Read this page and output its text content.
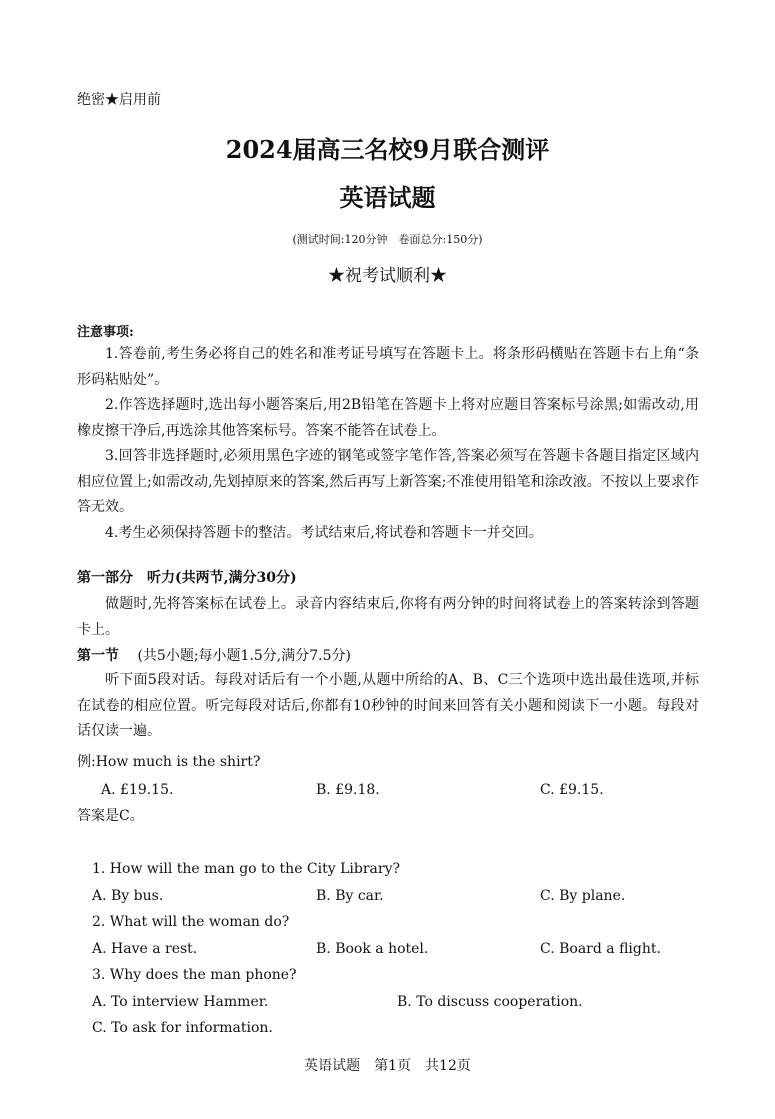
绝密★启用前
2024届高三名校9月联合测评
英语试题
(测试时间:120分钟　卷面总分:150分)
★祝考试顺利★
注意事项:
1.答卷前,考生务必将自己的姓名和准考证号填写在答题卡上。将条形码横贴在答题卡右上角“条形码粘贴处”。
2.作答选择题时,选出每小题答案后,用2B铅笔在答题卡上将对应题目答案标号涂黑;如需改动,用橡皮擦干净后,再选涂其他答案标号。答案不能答在试卷上。
3.回答非选择题时,必须用黑色字迹的钢笔或签字笔作答,答案必须写在答题卡各题目指定区域内相应位置上;如需改动,先划掉原来的答案,然后再写上新答案;不准使用铅笔和涂改液。不按以上要求作答无效。
4.考生必须保持答题卡的整洁。考试结束后,将试卷和答题卡一并交回。
第一部分　听力(共两节,满分30分)
做题时,先将答案标在试卷上。录音内容结束后,你将有两分钟的时间将试卷上的答案转涂到答题卡上。
第一节 (共5小题;每小题1.5分,满分7.5分)
听下面5段对话。每段对话后有一个小题,从题中所给的A、B、C三个选项中选出最佳选项,并标在试卷的相应位置。听完每段对话后,你都有10秒钟的时间来回答有关小题和阅读下一小题。每段对话仅读一遍。
例:How much is the shirt?
A. £19.15.	B. £9.18.	C. £9.15.
答案是C。
1. How will the man go to the City Library?
A. By bus.	B. By car.	C. By plane.
2. What will the woman do?
A. Have a rest.	B. Book a hotel.	C. Board a flight.
3. Why does the man phone?
A. To interview Hammer.	B. To discuss cooperation.
C. To ask for information.
英语试题　第1页　共12页
